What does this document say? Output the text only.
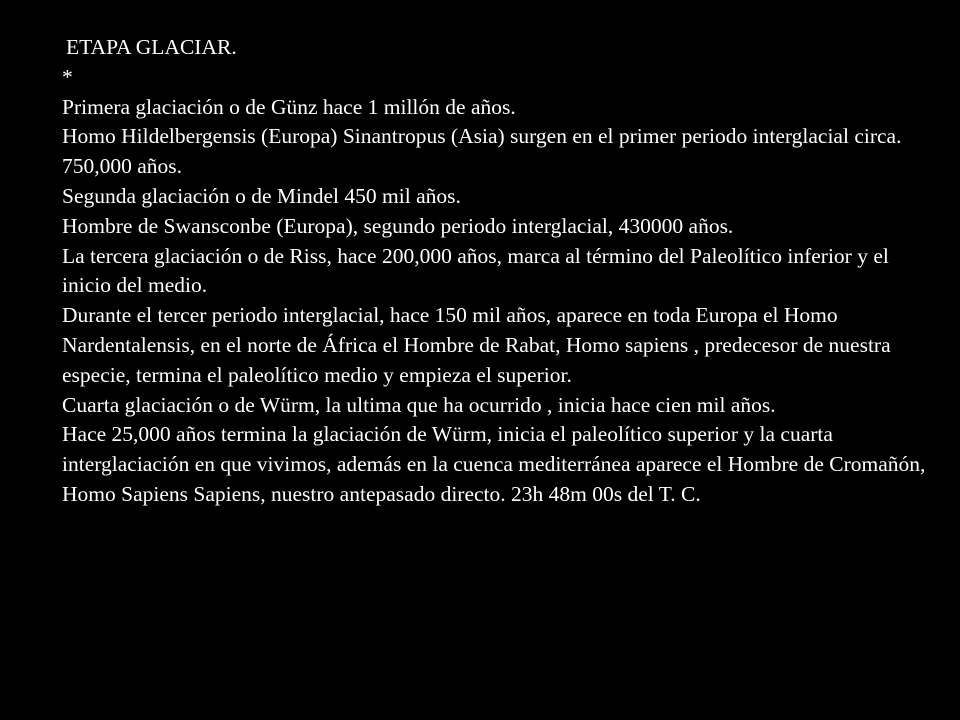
ETAPA GLACIAR.
*

Primera glaciación o de Günz hace 1 millón de años.

Homo Hildelbergensis (Europa) Sinantropus (Asia) surgen en el primer periodo interglacial circa. 750,000 años.

Segunda glaciación o de Mindel 450 mil años.

Hombre de Swansconbe (Europa), segundo periodo interglacial, 430000 años.

La tercera glaciación o de Riss, hace 200,000 años, marca al término del Paleolítico inferior y el inicio del medio.

Durante el tercer periodo interglacial, hace 150 mil años, aparece en toda Europa el Homo Nardentalensis, en el norte de África el Hombre de Rabat, Homo sapiens , predecesor de nuestra especie, termina el paleolítico medio y empieza el superior.

Cuarta glaciación o de Würm, la ultima que ha ocurrido , inicia hace cien mil años.

Hace 25,000 años termina la glaciación de Würm, inicia el paleolítico superior y la cuarta interglaciación en que vivimos, además en la cuenca mediterránea aparece el Hombre de Cromañón, Homo Sapiens Sapiens, nuestro antepasado directo. 23h 48m 00s del T. C.
